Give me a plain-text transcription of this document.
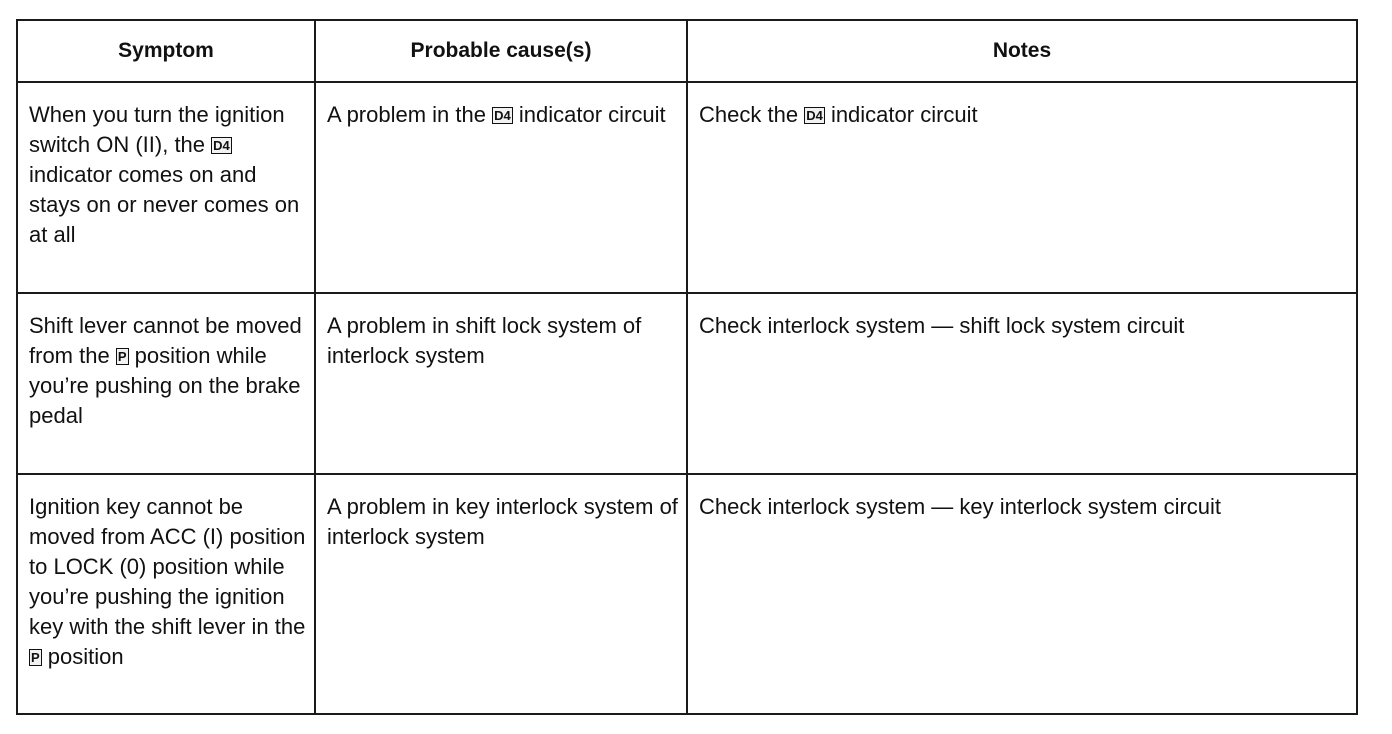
Symptom	Probable cause(s)	Notes
When you turn the ignition switch ON (II), the D4 indicator comes on and stays on or never comes on at all	A problem in the D4 indicator circuit	Check the D4 indicator circuit
Shift lever cannot be moved from the P position while you’re pushing on the brake pedal	A problem in shift lock system of interlock system	Check interlock system — shift lock system circuit
Ignition key cannot be moved from ACC (I) position to LOCK (0) position while you’re pushing the ignition key with the shift lever in the P position	A problem in key interlock system of interlock system	Check interlock system — key interlock system circuit
